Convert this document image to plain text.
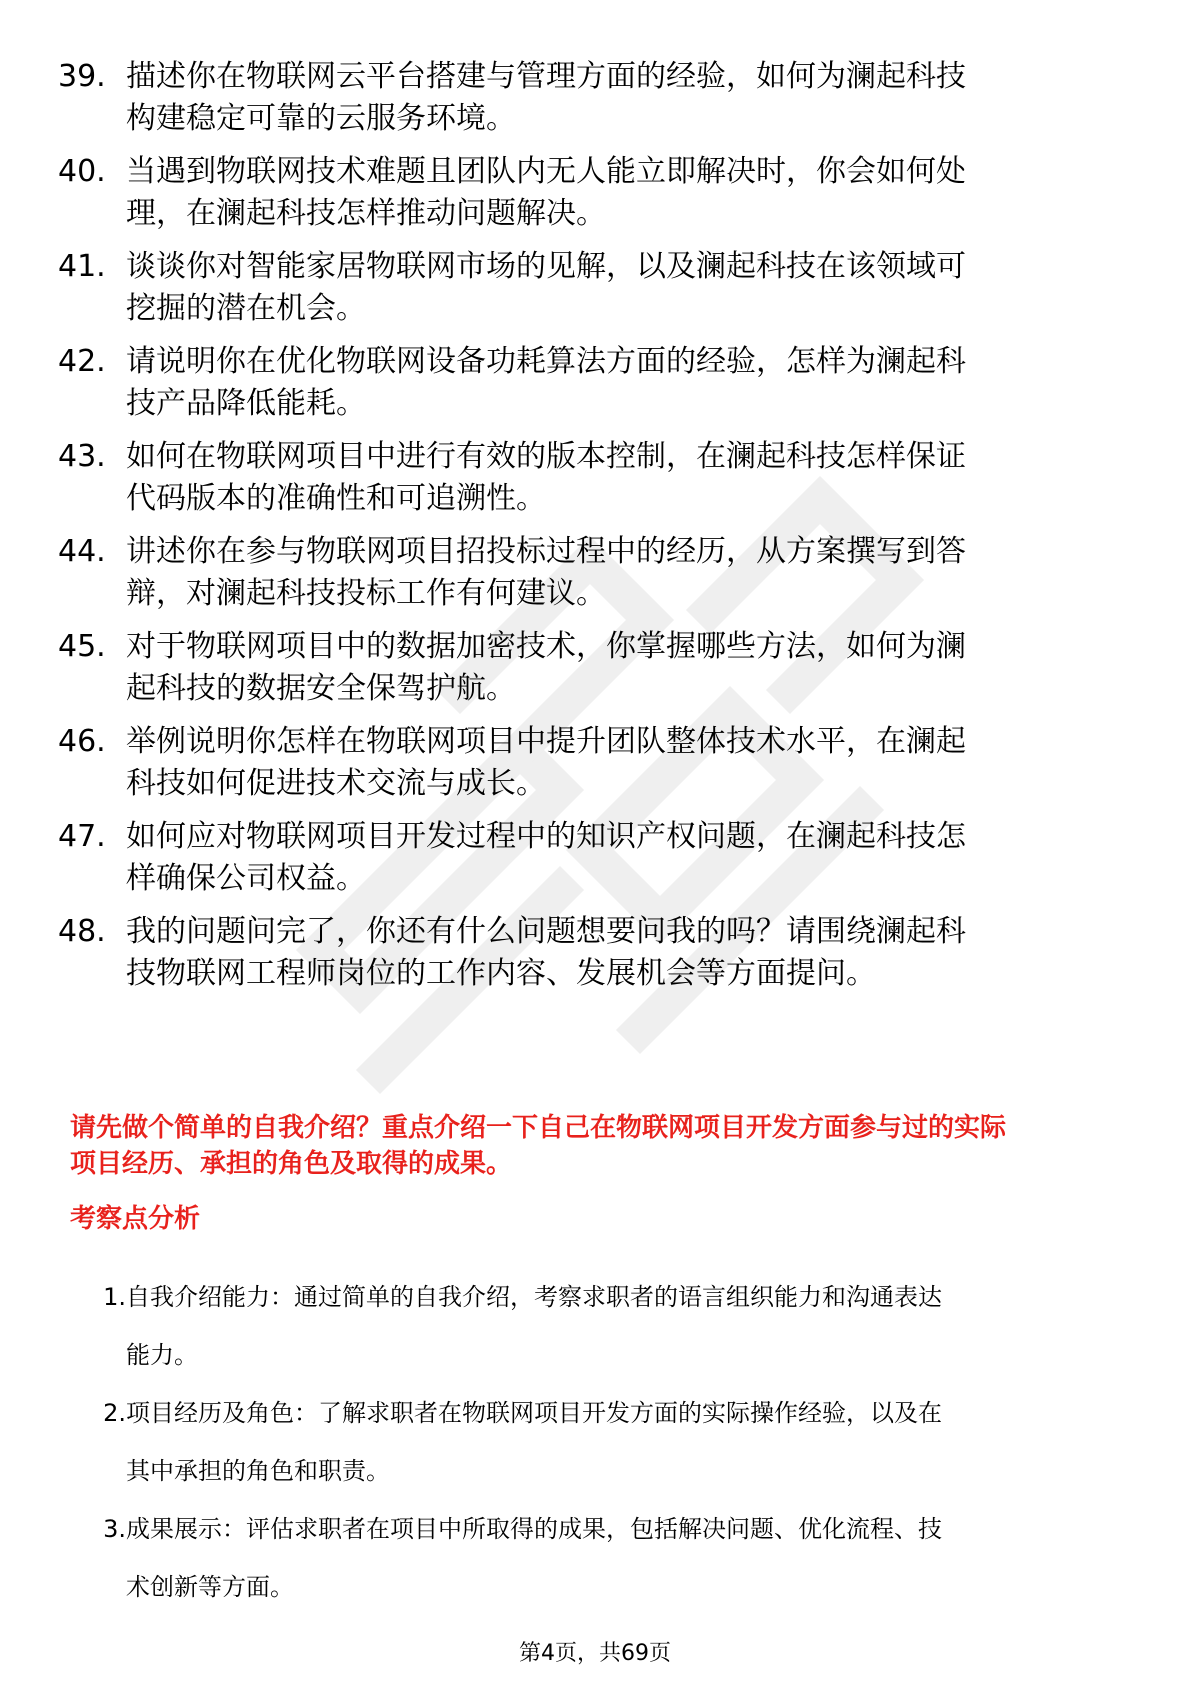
39. 描述你在物联网云平台搭建与管理方面的经验，如何为澜起科技
构建稳定可靠的云服务环境。
40. 当遇到物联网技术难题且团队内无人能立即解决时，你会如何处
理，在澜起科技怎样推动问题解决。
41. 谈谈你对智能家居物联网市场的见解，以及澜起科技在该领域可
挖掘的潜在机会。
42. 请说明你在优化物联网设备功耗算法方面的经验，怎样为澜起科
技产品降低能耗。
43. 如何在物联网项目中进行有效的版本控制，在澜起科技怎样保证
代码版本的准确性和可追溯性。
44. 讲述你在参与物联网项目招投标过程中的经历，从方案撰写到答
辩，对澜起科技投标工作有何建议。
45. 对于物联网项目中的数据加密技术，你掌握哪些方法，如何为澜
起科技的数据安全保驾护航。
46. 举例说明你怎样在物联网项目中提升团队整体技术水平，在澜起
科技如何促进技术交流与成长。
47. 如何应对物联网项目开发过程中的知识产权问题，在澜起科技怎
样确保公司权益。
48. 我的问题问完了，你还有什么问题想要问我的吗？请围绕澜起科
技物联网工程师岗位的工作内容、发展机会等方面提问。
请先做个简单的自我介绍？重点介绍一下自己在物联网项目开发方面参与过的实际
项目经历、承担的角色及取得的成果。
考察点分析
1. 自我介绍能力：通过简单的自我介绍，考察求职者的语言组织能力和沟通表达
能力。
2. 项目经历及角色：了解求职者在物联网项目开发方面的实际操作经验，以及在
其中承担的角色和职责。
3. 成果展示：评估求职者在项目中所取得的成果，包括解决问题、优化流程、技
术创新等方面。
第4页，共69页
